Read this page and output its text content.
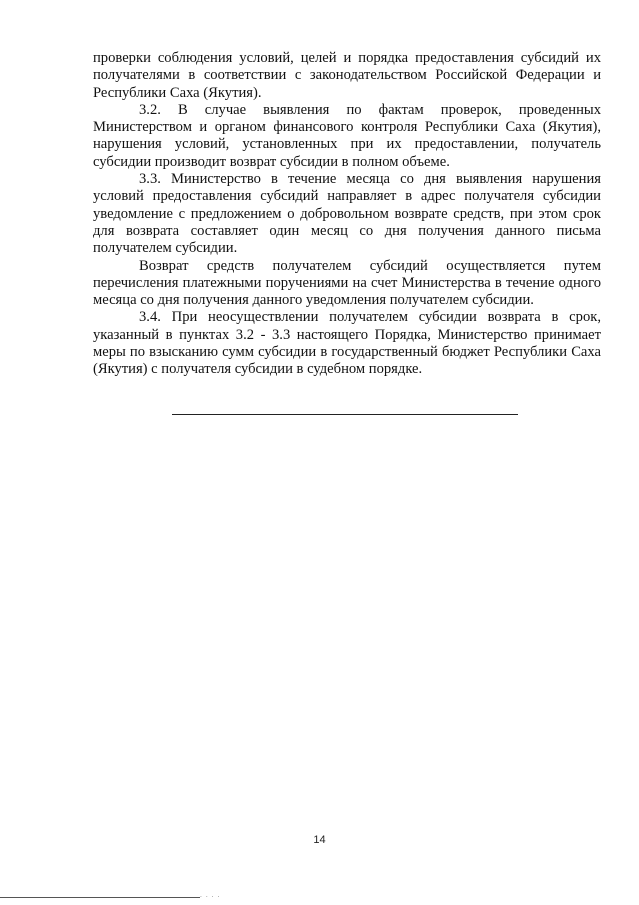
проверки соблюдения условий, целей и порядка предоставления субсидий их получателями в соответствии с законодательством Российской Федерации и Республики Саха (Якутия).

3.2. В случае выявления по фактам проверок, проведенных Министерством и органом финансового контроля Республики Саха (Якутия), нарушения условий, установленных при их предоставлении, получатель субсидии производит возврат субсидии в полном объеме.

3.3. Министерство в течение месяца со дня выявления нарушения условий предоставления субсидий направляет в адрес получателя субсидии уведомление с предложением о добровольном возврате средств, при этом срок для возврата составляет один месяц со дня получения данного письма получателем субсидии.

Возврат средств получателем субсидий осуществляется путем перечисления платежными поручениями на счет Министерства в течение одного месяца со дня получения данного уведомления получателем субсидии.

3.4. При неосуществлении получателем субсидии возврата в срок, указанный в пунктах 3.2 - 3.3 настоящего Порядка, Министерство принимает меры по взысканию сумм субсидии в государственный бюджет Республики Саха (Якутия) с получателя субсидии в судебном порядке.

14
· · · ·
